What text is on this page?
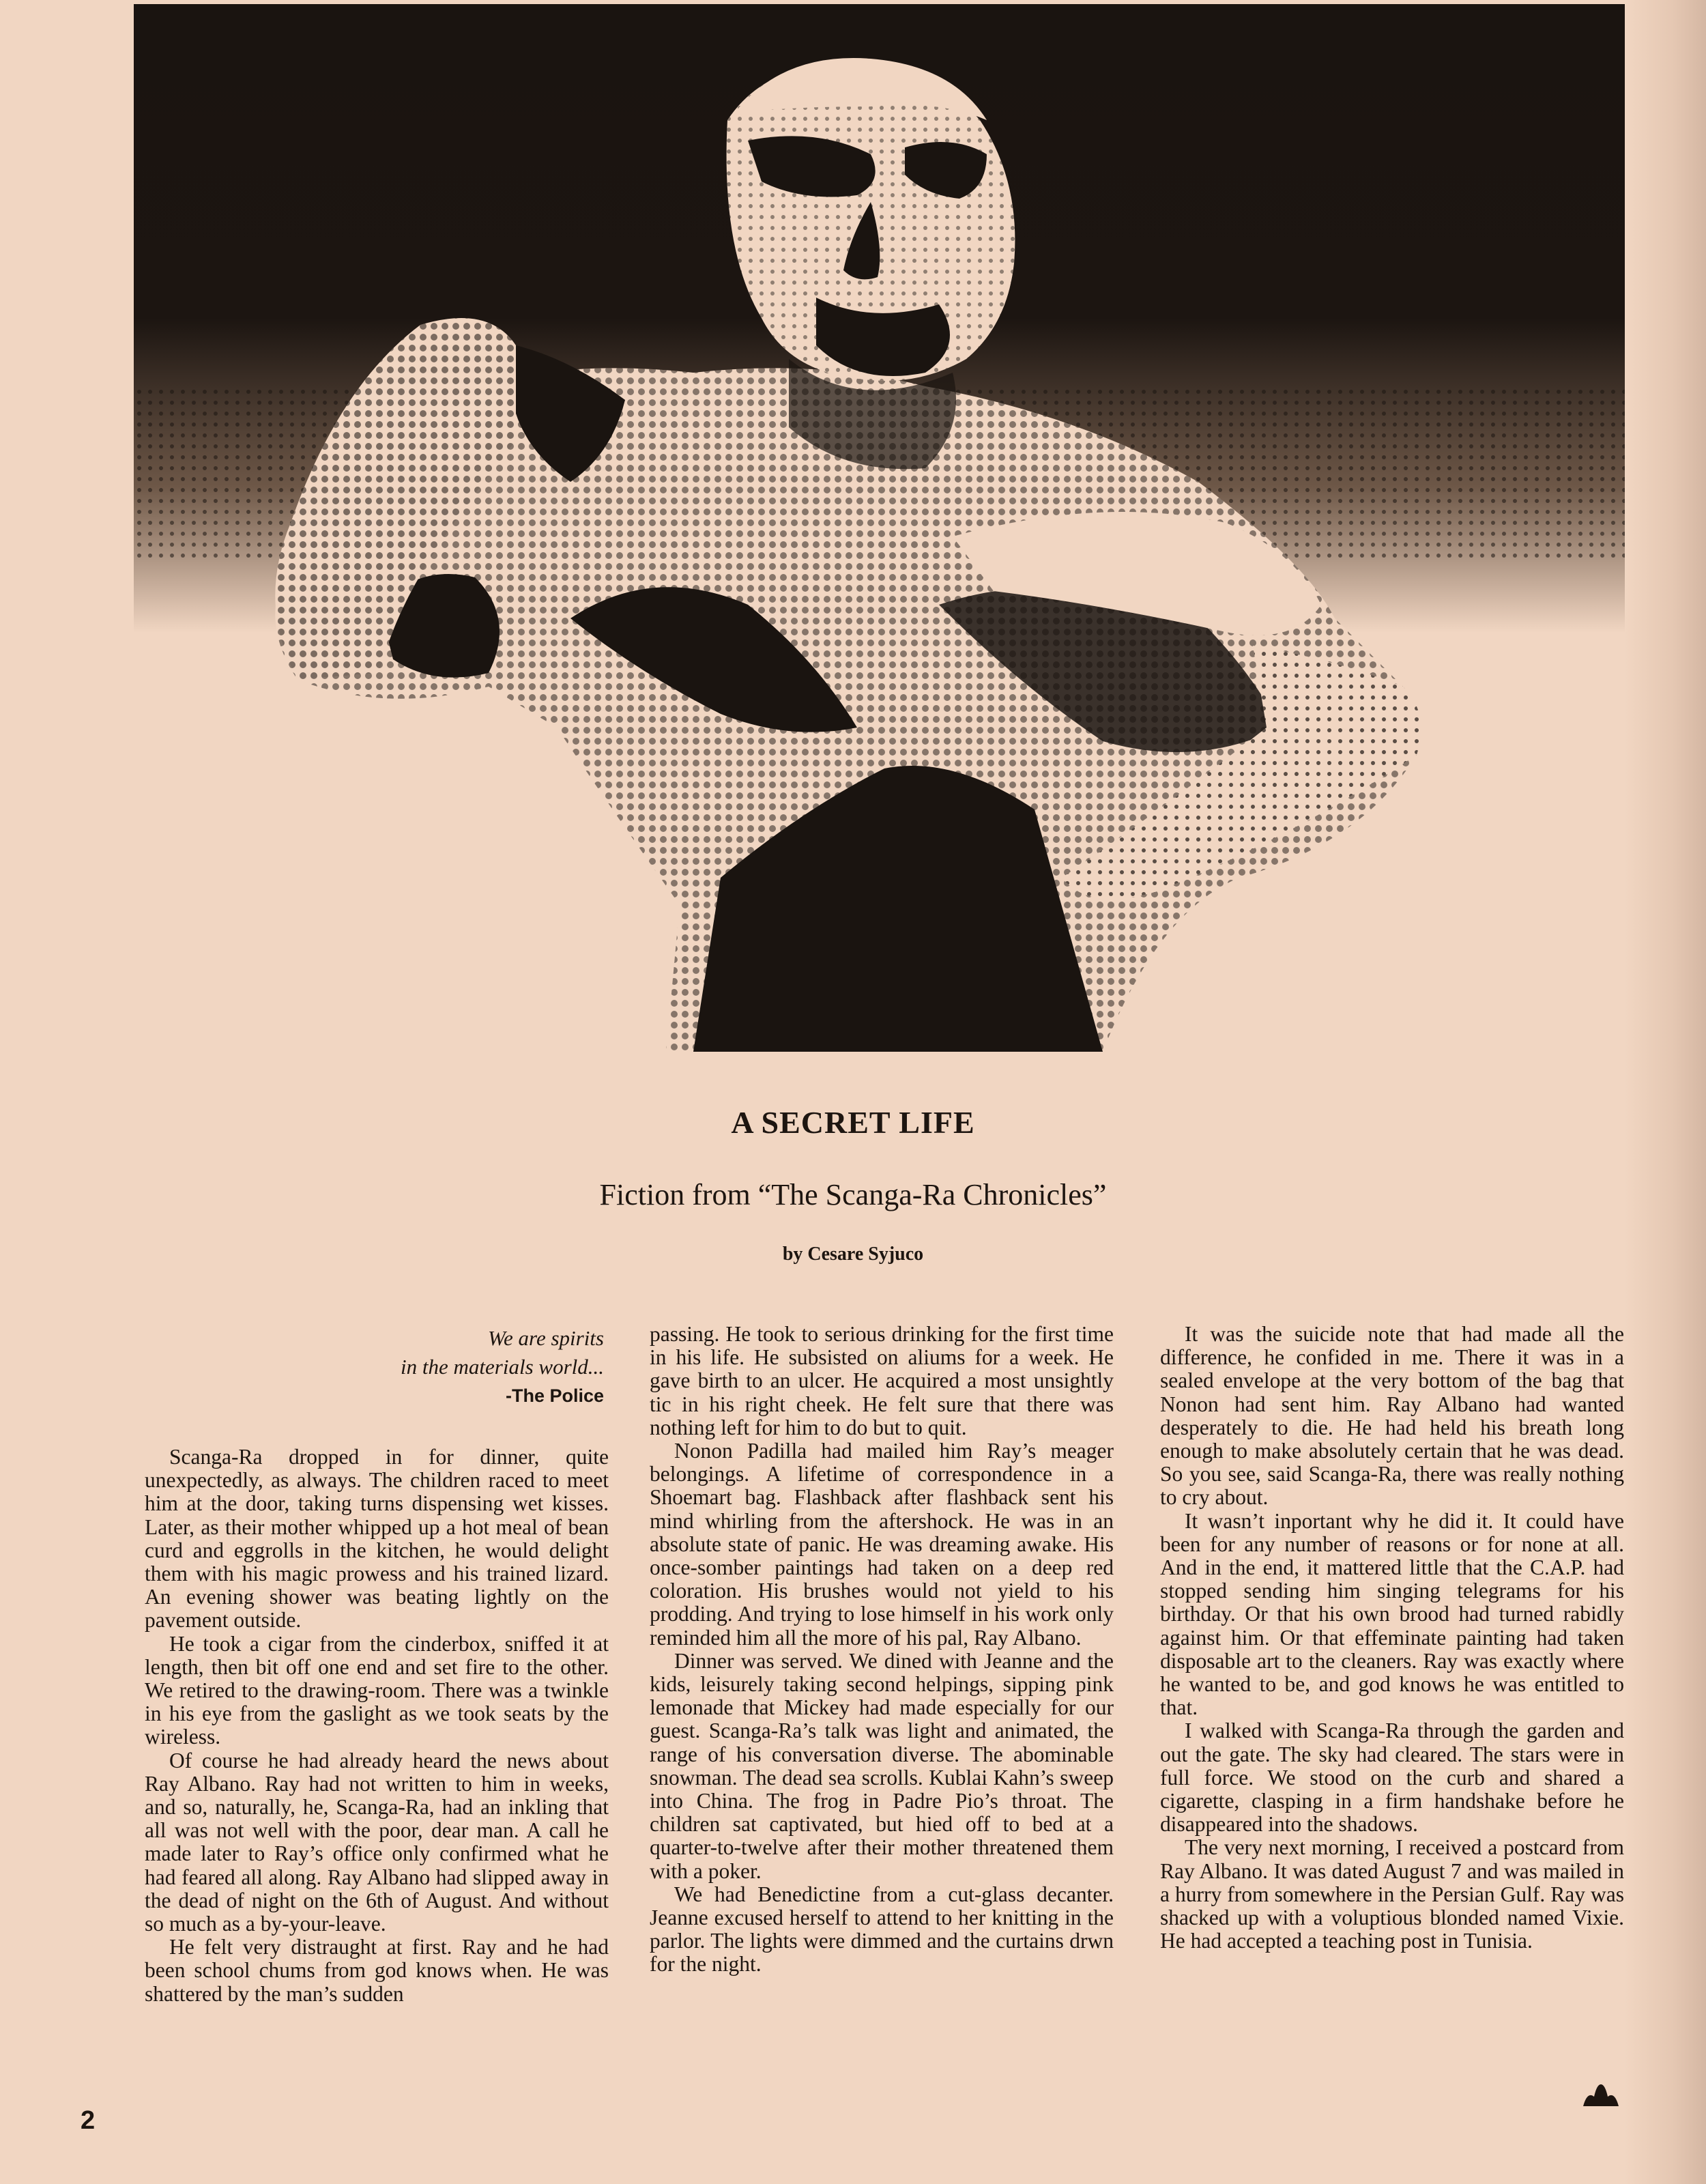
A SECRET LIFE
Fiction from “The Scanga-Ra Chronicles”
by Cesare Syjuco
We are spirits
in the materials world...
-The Police

Scanga-Ra dropped in for dinner, quite unexpectedly, as always. The children raced to meet him at the door, taking turns dispensing wet kisses. Later, as their mother whipped up a hot meal of bean curd and eggrolls in the kitchen, he would delight them with his magic prowess and his trained lizard. An evening shower was beating lightly on the pavement outside.

He took a cigar from the cinderbox, sniffed it at length, then bit off one end and set fire to the other. We retired to the drawing-room. There was a twinkle in his eye from the gaslight as we took seats by the wireless.

Of course he had already heard the news about Ray Albano. Ray had not written to him in weeks, and so, naturally, he, Scanga-Ra, had an inkling that all was not well with the poor, dear man. A call he made later to Ray’s office only confirmed what he had feared all along. Ray Albano had slipped away in the dead of night on the 6th of August. And without so much as a by-your-leave.

He felt very distraught at first. Ray and he had been school chums from god knows when. He was shattered by the man’s sudden

passing. He took to serious drinking for the first time in his life. He subsisted on aliums for a week. He gave birth to an ulcer. He acquired a most unsightly tic in his right cheek. He felt sure that there was nothing left for him to do but to quit.

Nonon Padilla had mailed him Ray’s meager belongings. A lifetime of correspondence in a Shoemart bag. Flashback after flashback sent his mind whirling from the aftershock. He was in an absolute state of panic. He was dreaming awake. His once-somber paintings had taken on a deep red coloration. His brushes would not yield to his prodding. And trying to lose himself in his work only reminded him all the more of his pal, Ray Albano.

Dinner was served. We dined with Jeanne and the kids, leisurely taking second helpings, sipping pink lemonade that Mickey had made especially for our guest. Scanga-Ra’s talk was light and animated, the range of his conversation diverse. The abominable snowman. The dead sea scrolls. Kublai Kahn’s sweep into China. The frog in Padre Pio’s throat. The children sat captivated, but hied off to bed at a quarter-to-twelve after their mother threatened them with a poker.

We had Benedictine from a cut-glass decanter. Jeanne excused herself to attend to her knitting in the parlor. The lights were dimmed and the curtains drwn for the night.

It was the suicide note that had made all the difference, he confided in me. There it was in a sealed envelope at the very bottom of the bag that Nonon had sent him. Ray Albano had wanted desperately to die. He had held his breath long enough to make absolutely certain that he was dead. So you see, said Scanga-Ra, there was really nothing to cry about.

It wasn’t inportant why he did it. It could have been for any number of reasons or for none at all. And in the end, it mattered little that the C.A.P. had stopped sending him singing telegrams for his birthday. Or that his own brood had turned rabidly against him. Or that effeminate painting had taken disposable art to the cleaners. Ray was exactly where he wanted to be, and god knows he was entitled to that.

I walked with Scanga-Ra through the garden and out the gate. The sky had cleared. The stars were in full force. We stood on the curb and shared a cigarette, clasping in a firm handshake before he disappeared into the shadows.

The very next morning, I received a postcard from Ray Albano. It was dated August 7 and was mailed in a hurry from somewhere in the Persian Gulf. Ray was shacked up with a voluptious blonded named Vixie. He had accepted a teaching post in Tunisia.

2
